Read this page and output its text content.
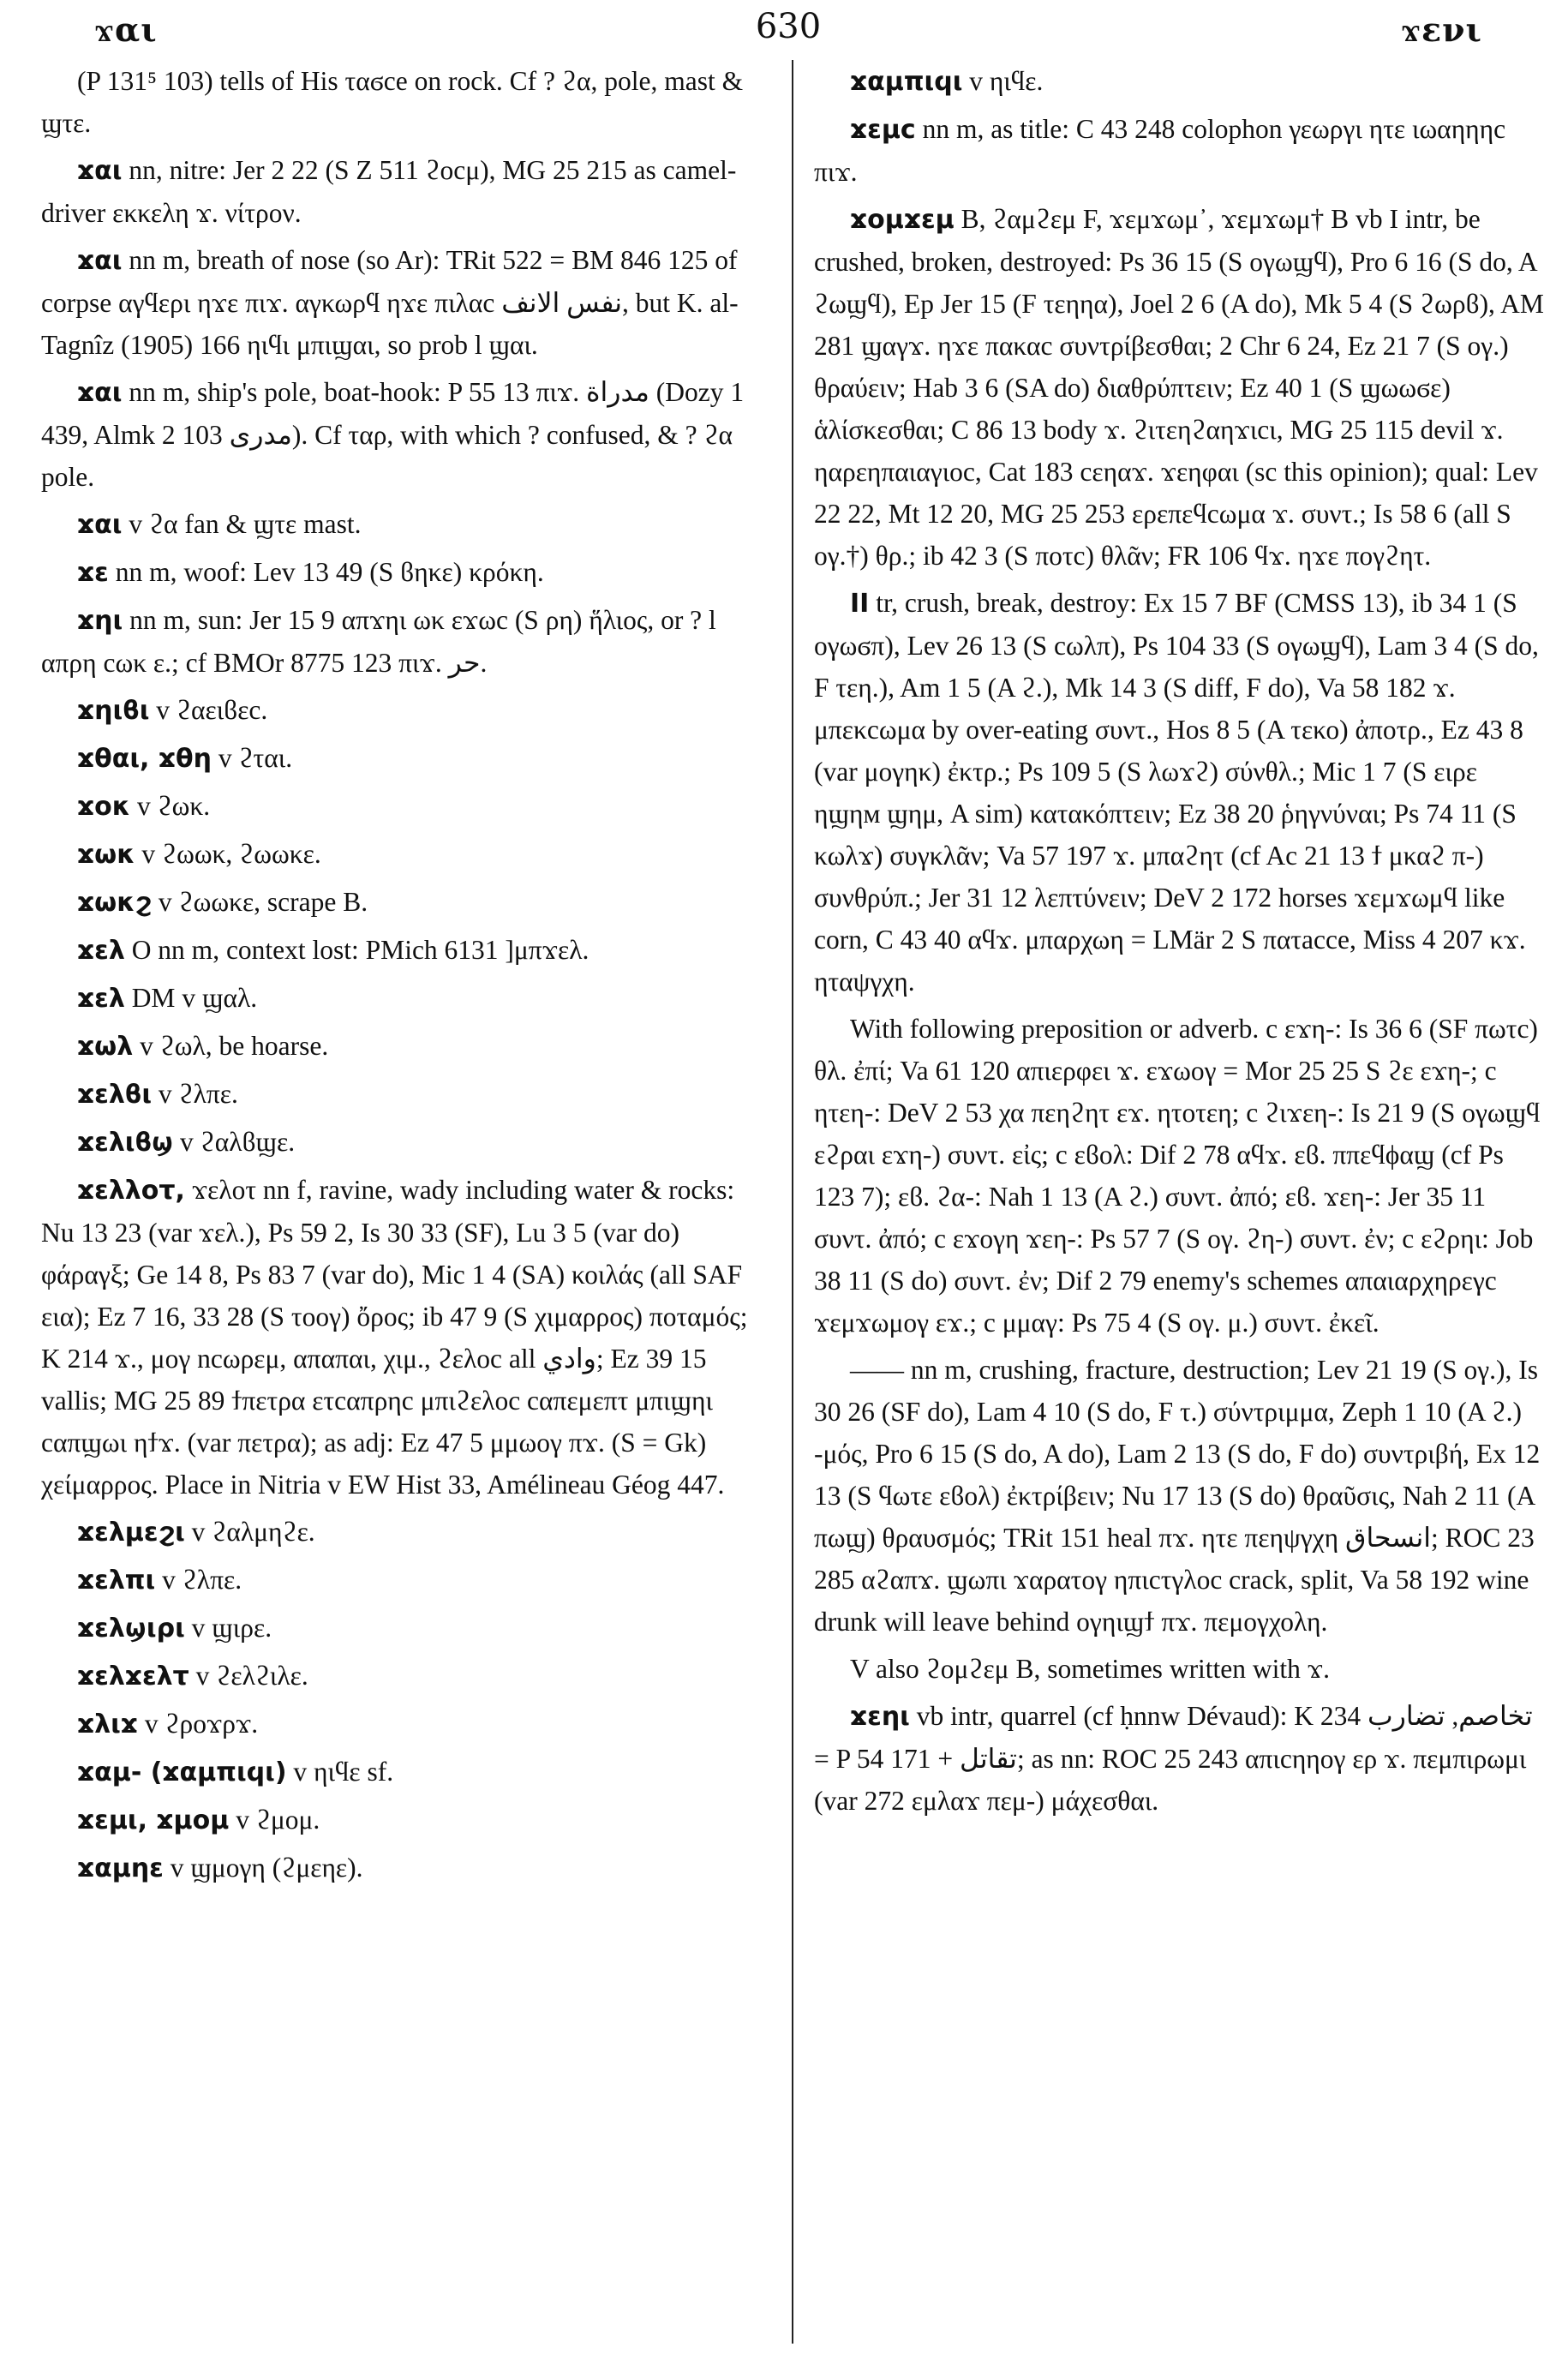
ϫαι	630	ϫενι
(P 131⁵ 103) tells of His ταϭce on rock. Cf ? ϩα, pole, mast & ϣτε.
ϫαι nn, nitre: Jer 2 22 (S Z 511 ϩοcμ), MG 25 215 as camel-driver εκκελη ϫ. νίτρον.
ϫαι nn m, breath of nose (so Ar): TRit 522 = BM 846 125 of corpse αγϥερι ηϫε πιϫ. αγκωρϥ ηϫε πιλαc نفس الانف, but K. al-Tagnîz (1905) 166 ηιϥι μπιϣαι, so prob l ϣαι.
ϫαι nn m, ship's pole, boat-hook: P 55 13 πιϫ. مدراة (Dozy 1 439, Almk 2 103 مدرى). Cf ταρ, with which ? confused, & ? ϩα pole.
ϫαι v ϩα fan & ϣτε mast.
ϫε nn m, woof: Lev 13 49 (S ϐηκε) κρόκη.
ϫηι nn m, sun: Jer 15 9 απϫηι ωκ εϫωc (S ρη) ἥλιος, or ? l απρη cωκ ε.; cf BMOr 8775 123 πιϫ. حر.
ϫηιϐι v ϩαειϐεc.
ϫθαι, ϫθη v ϩται.
ϫοκ v ϩωκ.
ϫωκ v ϩωωκ, ϩωωκε.
ϫωκϩ v ϩωωκε, scrape B.
ϫελ O nn m, context lost: PMich 6131 ]μπϫελ.
ϫελ DM v ϣαλ.
ϫωλ v ϩωλ, be hoarse.
ϫελϐι v ϩλπε.
ϫελιϐϣ v ϩαλϐϣε.
ϫελλοτ, ϫελοτ nn f, ravine, wady including water & rocks: Nu 13 23 (var ϫελ.), Ps 59 2, Is 30 33 (SF), Lu 3 5 (var do) φάραγξ; Ge 14 8, Ps 83 7 (var do), Mic 1 4 (SA) κοιλάς (all SAF εια); Ez 7 16, 33 28 (S τοογ) ὄρος; ib 47 9 (S χιμαρρος) ποταμός; K 214 ϫ., μογ ncωρεμ, απαπαι, χιμ., ϩελοc all وادي; Ez 39 15 vallis; MG 25 89 ϯπετρα ετcαπρηc μπιϩελοc cαπεμεπτ μπιϣηι cαπϣωι ηϯϫ. (var πετρα); as adj: Ez 47 5 μμωογ πϫ. (S = Gk) χείμαρρος. Place in Nitria v EW Hist 33, Amélineau Géog 447.
ϫελμεϩι v ϩαλμηϩε.
ϫελπι v ϩλπε.
ϫελϣιρι v ϣιρε.
ϫελϫελτ v ϩελϩιλε.
ϫλιϫ v ϩροϫρϫ.
ϫαμ- (ϫαμπιϥι) v ηιϥε sf.
ϫεμι, ϫμομ v ϩμομ.
ϫαμηε v ϣμογη (ϩμεηε).
ϫαμπιϥι v ηιϥε.
ϫεμc nn m, as title: C 43 248 colophon γεωργι ητε ιωαηηηc πιϫ.
ϫομϫεμ B, ϩαμϩεμ F, ϫεμϫωμ᾽, ϫεμϫωμ† B vb I intr, be crushed, broken, destroyed: Ps 36 15 (S ογωϣϥ), Pro 6 16 (S do, A ϩωϣϥ), Ep Jer 15 (F τεηηα), Joel 2 6 (A do), Mk 5 4 (S ϩωρϐ), AM 281 ϣαγϫ. ηϫε πακαc συντρίβεσθαι; 2 Chr 6 24, Ez 21 7 (S ογ.) θραύειν; Hab 3 6 (SA do) διαθρύπτειν; Ez 40 1 (S ϣωωϭε) ἁλίσκεσθαι; C 86 13 body ϫ. ϩιτεηϩαηϫιcι, MG 25 115 devil ϫ. ηαρεηπαιαγιοc, Cat 183 cεηαϫ. ϫεηφαι (sc this opinion); qual: Lev 22 22, Mt 12 20, MG 25 253 ερεπεϥcωμα ϫ. συντ.; Is 58 6 (all S ογ.†) θρ.; ib 42 3 (S ποτc) θλᾶν; FR 106 ϥϫ. ηϫε πογϩητ.
II tr, crush, break, destroy: Ex 15 7 BF (CMSS 13), ib 34 1 (S ογωϭπ), Lev 26 13 (S cωλπ), Ps 104 33 (S ογωϣϥ), Lam 3 4 (S do, F τεη.), Am 1 5 (A ϩ.), Mk 14 3 (S diff, F do), Va 58 182 ϫ. μπεκcωμα by over-eating συντ., Hos 8 5 (A τεκο) ἀποτρ., Ez 43 8 (var μογηκ) ἐκτρ.; Ps 109 5 (S λωϫϩ) σύνθλ.; Mic 1 7 (S ειρε ηϣηм ϣημ, A sim) κατακόπτειν; Ez 38 20 ῥηγνύναι; Ps 74 11 (S κωλϫ) συγκλᾶν; Va 57 197 ϫ. μπαϩητ (cf Ac 21 13 ϯ μκαϩ π-) συνθρύπ.; Jer 31 12 λεπτύνειν; DeV 2 172 horses ϫεμϫωμϥ like corn, C 43 40 αϥϫ. μπαρχωη = LMär 2 S πατacce, Miss 4 207 κϫ. ηταψγχη.
With following preposition or adverb. c εϫη-: Is 36 6 (SF πωτc) θλ. ἐπί; Va 61 120 απιερφει ϫ. εϫωογ = Mor 25 25 S ϩε εϫη-; c ητεη-: DeV 2 53 χα πεηϩητ εϫ. ητοτεη; c ϩιϫεη-: Is 21 9 (S ογωϣϥ εϩραι εϫη-) συντ. εἰς; c εϐολ: Dif 2 78 αϥϫ. εϐ. ππεϥϕαϣ (cf Ps 123 7); εϐ. ϩα-: Nah 1 13 (A ϩ.) συντ. ἀπό; εϐ. ϫεη-: Jer 35 11 συντ. ἀπό; c εϫογη ϫεη-: Ps 57 7 (S ογ. ϩη-) συντ. ἐν; c εϩρηι: Job 38 11 (S do) συντ. ἐν; Dif 2 79 enemy's schemes απαιαρχηρεγc ϫεμϫωμογ εϫ.; c μμαγ: Ps 75 4 (S ογ. μ.) συντ. ἐκεῖ.
—— nn m, crushing, fracture, destruction; Lev 21 19 (S ογ.), Is 30 26 (SF do), Lam 4 10 (S do, F τ.) σύντριμμα, Zeph 1 10 (A ϩ.) -μός, Pro 6 15 (S do, A do), Lam 2 13 (S do, F do) συντριβή, Ex 12 13 (S ϥωτε εϐολ) ἐκτρίβειν; Nu 17 13 (S do) θραῦσις, Nah 2 11 (A πωϣ) θραυσμός; TRit 151 heal πϫ. ητε πεηψγχη انسحاق; ROC 23 285 αϩαπϫ. ϣωπι ϫαρατογ ηπιcτγλοc crack, split, Va 58 192 wine drunk will leave behind ογηιϣϯ πϫ. πεμογχολη.
V also ϩομϩεμ B, sometimes written with ϫ.
ϫεηι vb intr, quarrel (cf ḥnnw Dévaud): K 234 تخاصم, تضارب = P 54 171 + تقاتل; as nn: ROC 25 243 απιcηηογ ερ ϫ. πεμπιρωμι (var 272 εμλαϫ πεμ-) μάχεσθαι.
